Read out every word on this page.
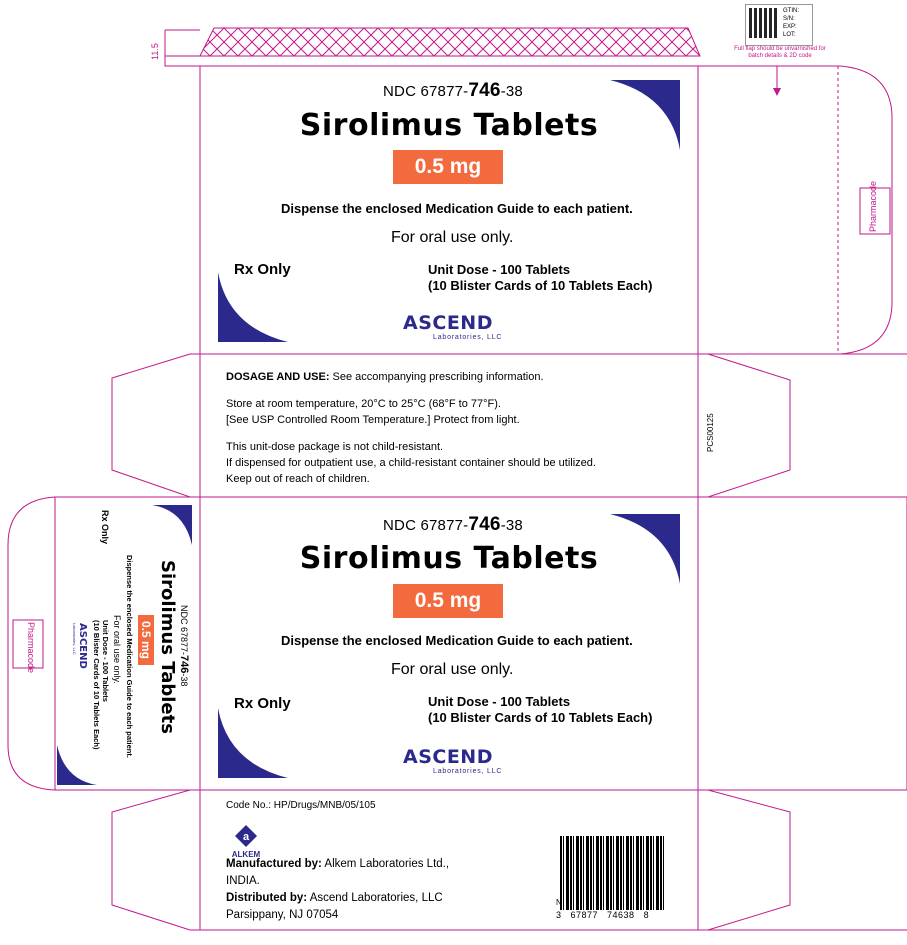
11.5
GTIN:
S/N:
EXP:
LOT:
Full flap should be unvarnished for batch details & 2D code
Pharmacode
Pharmacode
PCS00125
NDC 67877-746-38
Sirolimus Tablets
0.5 mg
Dispense the enclosed Medication Guide to each patient.
For oral use only.
Rx Only	Unit Dose - 100 Tablets
(10 Blister Cards of 10 Tablets Each)
ASCEND
Laboratories, LLC
DOSAGE AND USE: See accompanying prescribing information.
Store at room temperature, 20°C to 25°C (68°F to 77°F).
[See USP Controlled Room Temperature.] Protect from light.
This unit-dose package is not child-resistant.
If dispensed for outpatient use, a child-resistant container should be utilized.
Keep out of reach of children.
NDC 67877-746-38
Sirolimus Tablets
0.5 mg
Dispense the enclosed Medication Guide to each patient.
For oral use only.
Rx Only	Unit Dose - 100 Tablets
(10 Blister Cards of 10 Tablets Each)
ASCEND
Laboratories, LLC
NDC 67877-746-38
Sirolimus Tablets
0.5 mg
Dispense the enclosed Medication Guide to each patient.
For oral use only.
Rx Only
Unit Dose - 100 Tablets
(10 Blister Cards of 10 Tablets Each)
ASCEND
Laboratories, LLC
Code No.: HP/Drugs/MNB/05/105
a
ALKEM
Manufactured by: Alkem Laboratories Ltd.,
INDIA.
Distributed by: Ascend Laboratories, LLC
Parsippany, NJ 07054
N
3   67877   74638   8
